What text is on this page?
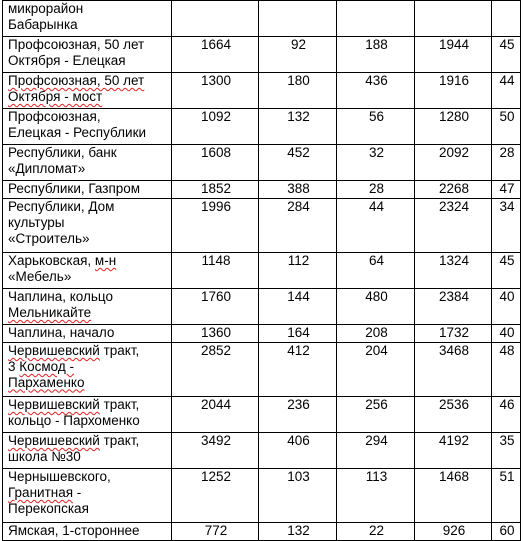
микрорайон
Бабарынка					

Профсоюзная, 50 лет
Октября - Елецкая	1664	92	188	1944	45

Профсоюзная, 50 лет
Октября - мост	1300	180	436	1916	44

Профсоюзная,
Елецкая - Республики	1092	132	56	1280	50

Республики, банк
«Дипломат»	1608	452	32	2092	28

Республики, Газпром	1852	388	28	2268	47

Республики, Дом
культуры
«Строитель»	1996	284	44	2324	34

Харьковская, м-н
«Мебель»	1148	112	64	1324	45

Чаплина, кольцо
Мельникайте	1760	144	480	2384	40

Чаплина, начало	1360	164	208	1732	40

Червишевский тракт,
3 Космод -
Пархаменко	2852	412	204	3468	48

Червишевский тракт,
кольцо - Пархоменко	2044	236	256	2536	46

Червишевский тракт,
школа №30	3492	406	294	4192	35

Чернышевского,
Гранитная -
Перекопская	1252	103	113	1468	51

Ямская, 1-стороннее	772	132	22	926	60
